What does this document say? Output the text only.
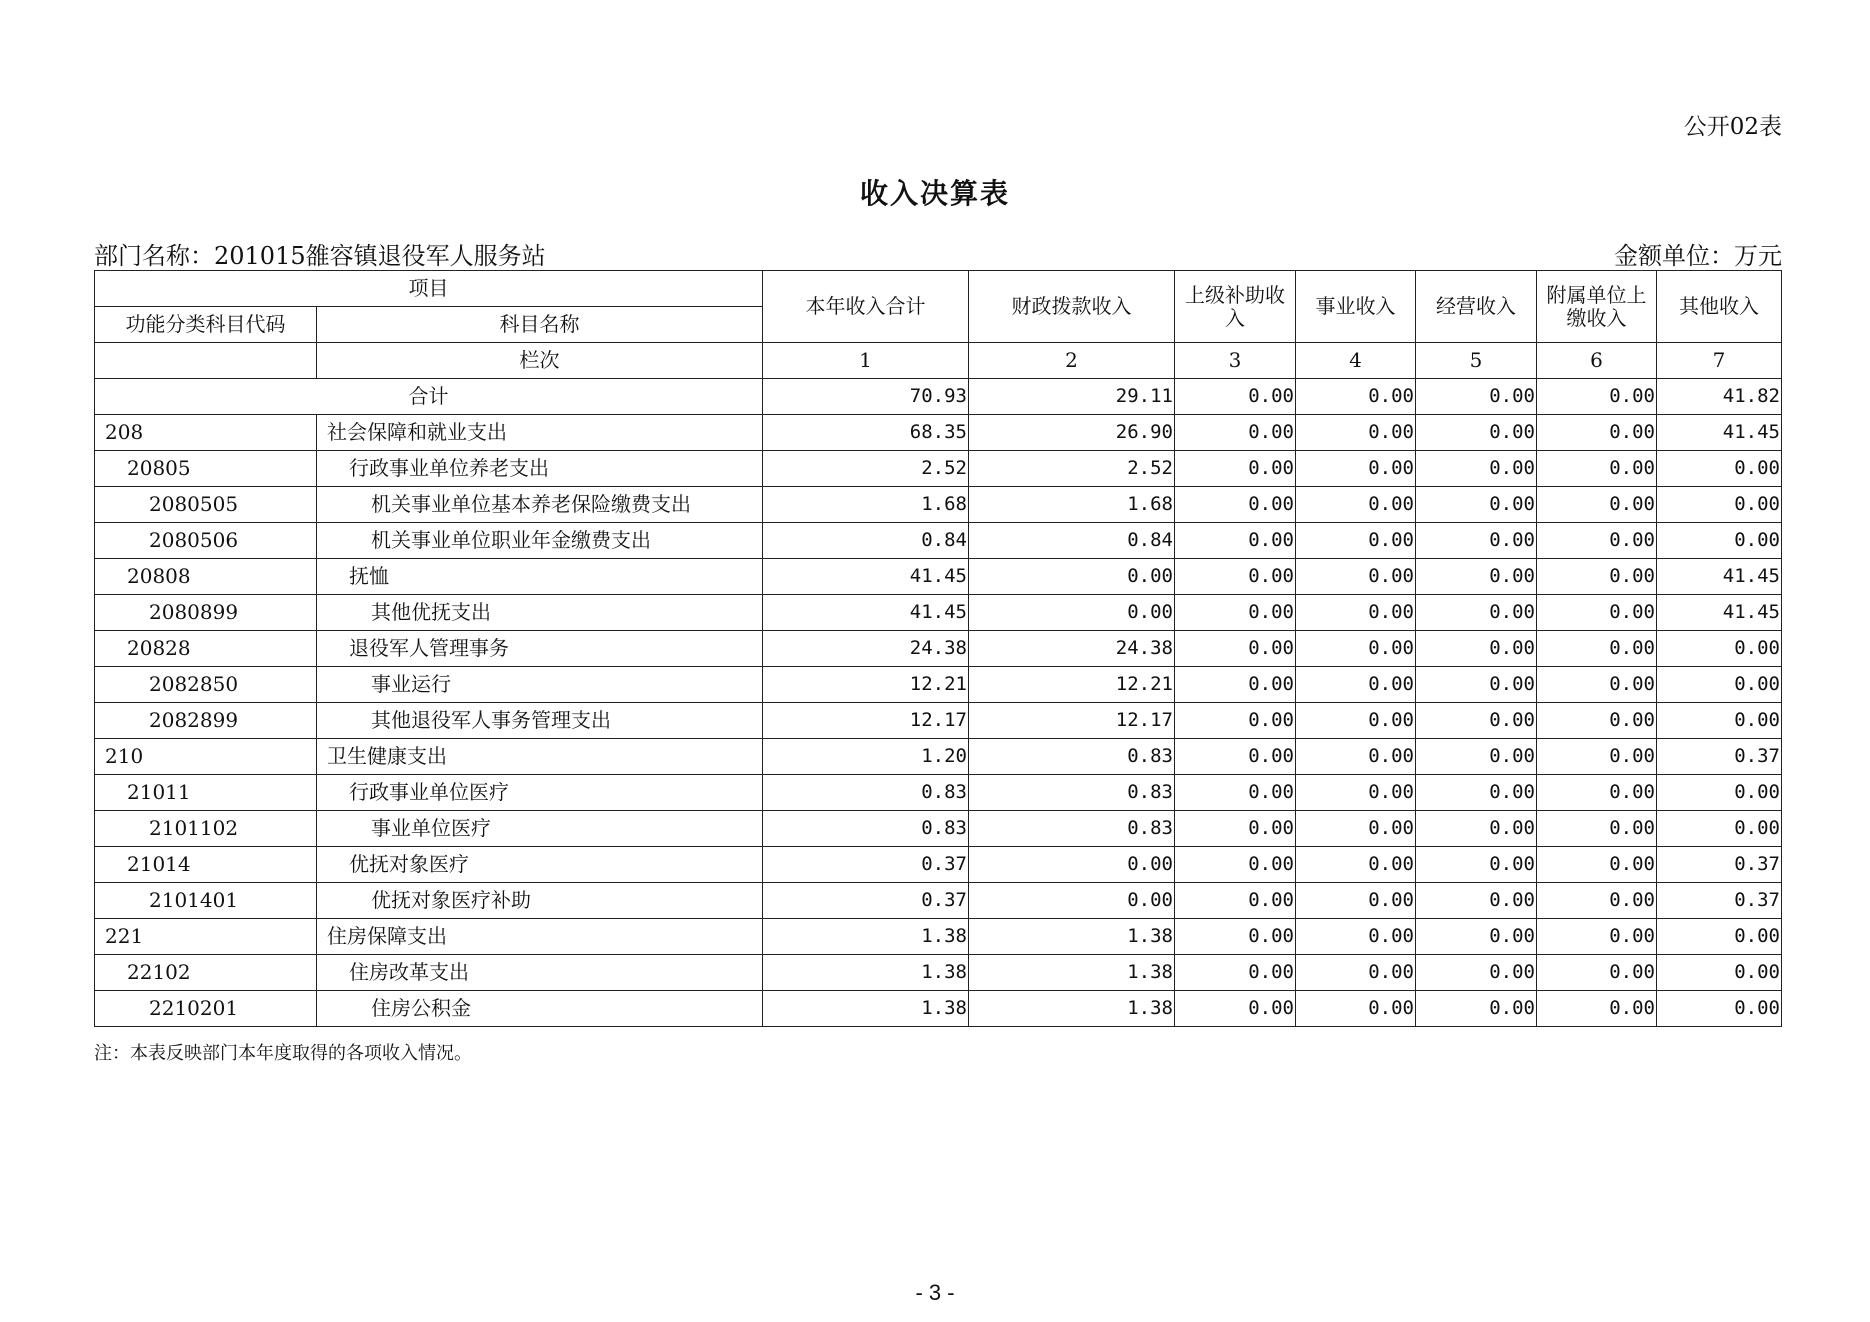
公开02表
收入决算表
部门名称：201015雒容镇退役军人服务站	金额单位：万元
项目		本年收入合计	财政拨款收入	上级补助收入	事业收入	经营收入	附属单位上缴收入	其他收入
功能分类科目代码	科目名称							
	栏次	1	2	3	4	5	6	7
合计		70.93	29.11	0.00	0.00	0.00	0.00	41.82
208	社会保障和就业支出	68.35	26.90	0.00	0.00	0.00	0.00	41.45
20805	行政事业单位养老支出	2.52	2.52	0.00	0.00	0.00	0.00	0.00
2080505	机关事业单位基本养老保险缴费支出	1.68	1.68	0.00	0.00	0.00	0.00	0.00
2080506	机关事业单位职业年金缴费支出	0.84	0.84	0.00	0.00	0.00	0.00	0.00
20808	抚恤	41.45	0.00	0.00	0.00	0.00	0.00	41.45
2080899	其他优抚支出	41.45	0.00	0.00	0.00	0.00	0.00	41.45
20828	退役军人管理事务	24.38	24.38	0.00	0.00	0.00	0.00	0.00
2082850	事业运行	12.21	12.21	0.00	0.00	0.00	0.00	0.00
2082899	其他退役军人事务管理支出	12.17	12.17	0.00	0.00	0.00	0.00	0.00
210	卫生健康支出	1.20	0.83	0.00	0.00	0.00	0.00	0.37
21011	行政事业单位医疗	0.83	0.83	0.00	0.00	0.00	0.00	0.00
2101102	事业单位医疗	0.83	0.83	0.00	0.00	0.00	0.00	0.00
21014	优抚对象医疗	0.37	0.00	0.00	0.00	0.00	0.00	0.37
2101401	优抚对象医疗补助	0.37	0.00	0.00	0.00	0.00	0.00	0.37
221	住房保障支出	1.38	1.38	0.00	0.00	0.00	0.00	0.00
22102	住房改革支出	1.38	1.38	0.00	0.00	0.00	0.00	0.00
2210201	住房公积金	1.38	1.38	0.00	0.00	0.00	0.00	0.00
注：本表反映部门本年度取得的各项收入情况。
- 3 -
